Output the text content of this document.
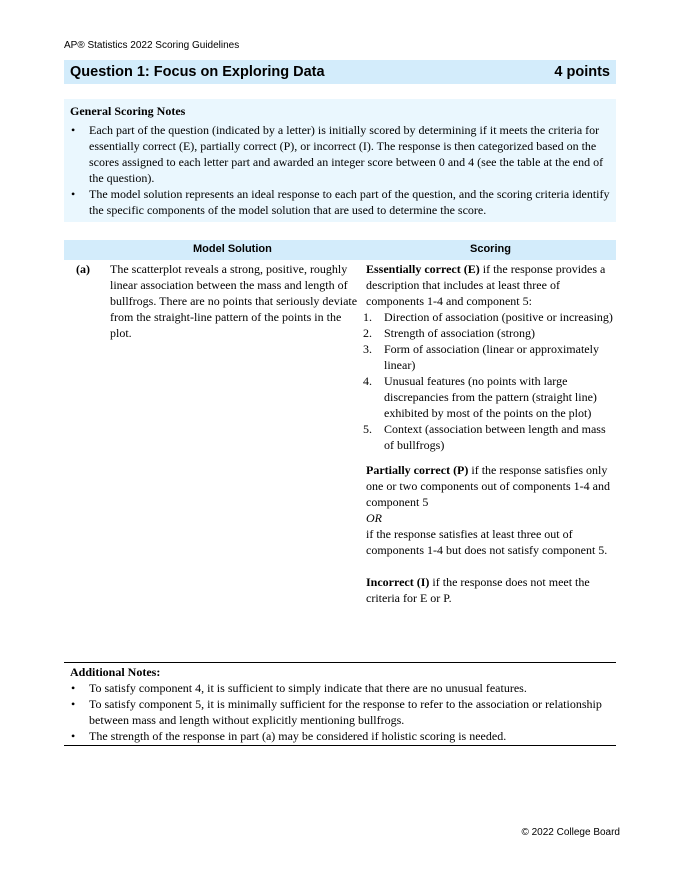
AP® Statistics 2022 Scoring Guidelines
Question 1: Focus on Exploring Data	4 points
General Scoring Notes
• Each part of the question (indicated by a letter) is initially scored by determining if it meets the criteria for essentially correct (E), partially correct (P), or incorrect (I). The response is then categorized based on the scores assigned to each letter part and awarded an integer score between 0 and 4 (see the table at the end of the question).
• The model solution represents an ideal response to each part of the question, and the scoring criteria identify the specific components of the model solution that are used to determine the score.
Model Solution	Scoring
(a) The scatterplot reveals a strong, positive, roughly linear association between the mass and length of bullfrogs. There are no points that seriously deviate from the straight-line pattern of the points in the plot.

Essentially correct (E) if the response provides a description that includes at least three of components 1-4 and component 5:

1. Direction of association (positive or increasing)
2. Strength of association (strong)
3. Form of association (linear or approximately linear)
4. Unusual features (no points with large discrepancies from the pattern (straight line) exhibited by most of the points on the plot)
5. Context (association between length and mass of bullfrogs)

Partially correct (P) if the response satisfies only one or two components out of components 1-4 and component 5

OR

if the response satisfies at least three out of components 1-4 but does not satisfy component 5.

Incorrect (I) if the response does not meet the criteria for E or P.

Additional Notes:
• To satisfy component 4, it is sufficient to simply indicate that there are no unusual features.
• To satisfy component 5, it is minimally sufficient for the response to refer to the association or relationship between mass and length without explicitly mentioning bullfrogs.
• The strength of the response in part (a) may be considered if holistic scoring is needed.
© 2022 College Board
